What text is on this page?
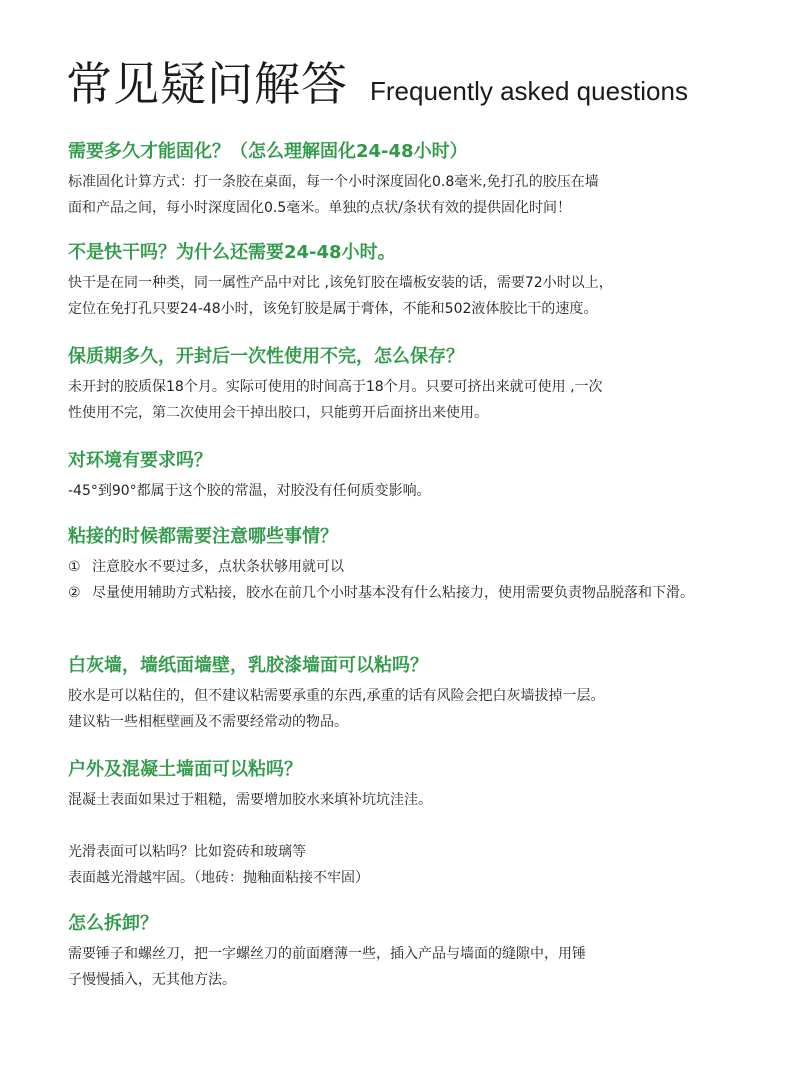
常见疑问解答 Frequently asked questions
需要多久才能固化？（怎么理解固化24-48小时）

标准固化计算方式：打一条胶在桌面，每一个小时深度固化0.8毫米,免打孔的胶压在墙

面和产品之间，每小时深度固化0.5毫米。单独的点状/条状有效的提供固化时间！

不是快干吗？为什么还需要24-48小时。

快干是在同一种类，同一属性产品中对比 ,该免钉胶在墙板安装的话，需要72小时以上，

定位在免打孔只要24-48小时，该免钉胶是属于膏体，不能和502液体胶比干的速度。

保质期多久，开封后一次性使用不完，怎么保存？

未开封的胶质保18个月。实际可使用的时间高于18个月。只要可挤出来就可使用 ,一次

性使用不完，第二次使用会干掉出胶口，只能剪开后面挤出来使用。

对环境有要求吗？

-45°到90°都属于这个胶的常温，对胶没有任何质变影响。

粘接的时候都需要注意哪些事情？
① 注意胶水不要过多，点状条状够用就可以
② 尽量使用辅助方式粘接，胶水在前几个小时基本没有什么粘接力，使用需要负责物品脱落和下滑。
白灰墙，墙纸面墙壁，乳胶漆墙面可以粘吗？

胶水是可以粘住的，但不建议粘需要承重的东西,承重的话有风险会把白灰墙拔掉一层。

建议粘一些相框壁画及不需要经常动的物品。

户外及混凝土墙面可以粘吗？

混凝土表面如果过于粗糙，需要增加胶水来填补坑坑洼洼。

光滑表面可以粘吗？比如瓷砖和玻璃等

表面越光滑越牢固。（地砖：抛釉面粘接不牢固）

怎么拆卸？

需要锤子和螺丝刀，把一字螺丝刀的前面磨薄一些，插入产品与墙面的缝隙中，用锤

子慢慢插入，无其他方法。
